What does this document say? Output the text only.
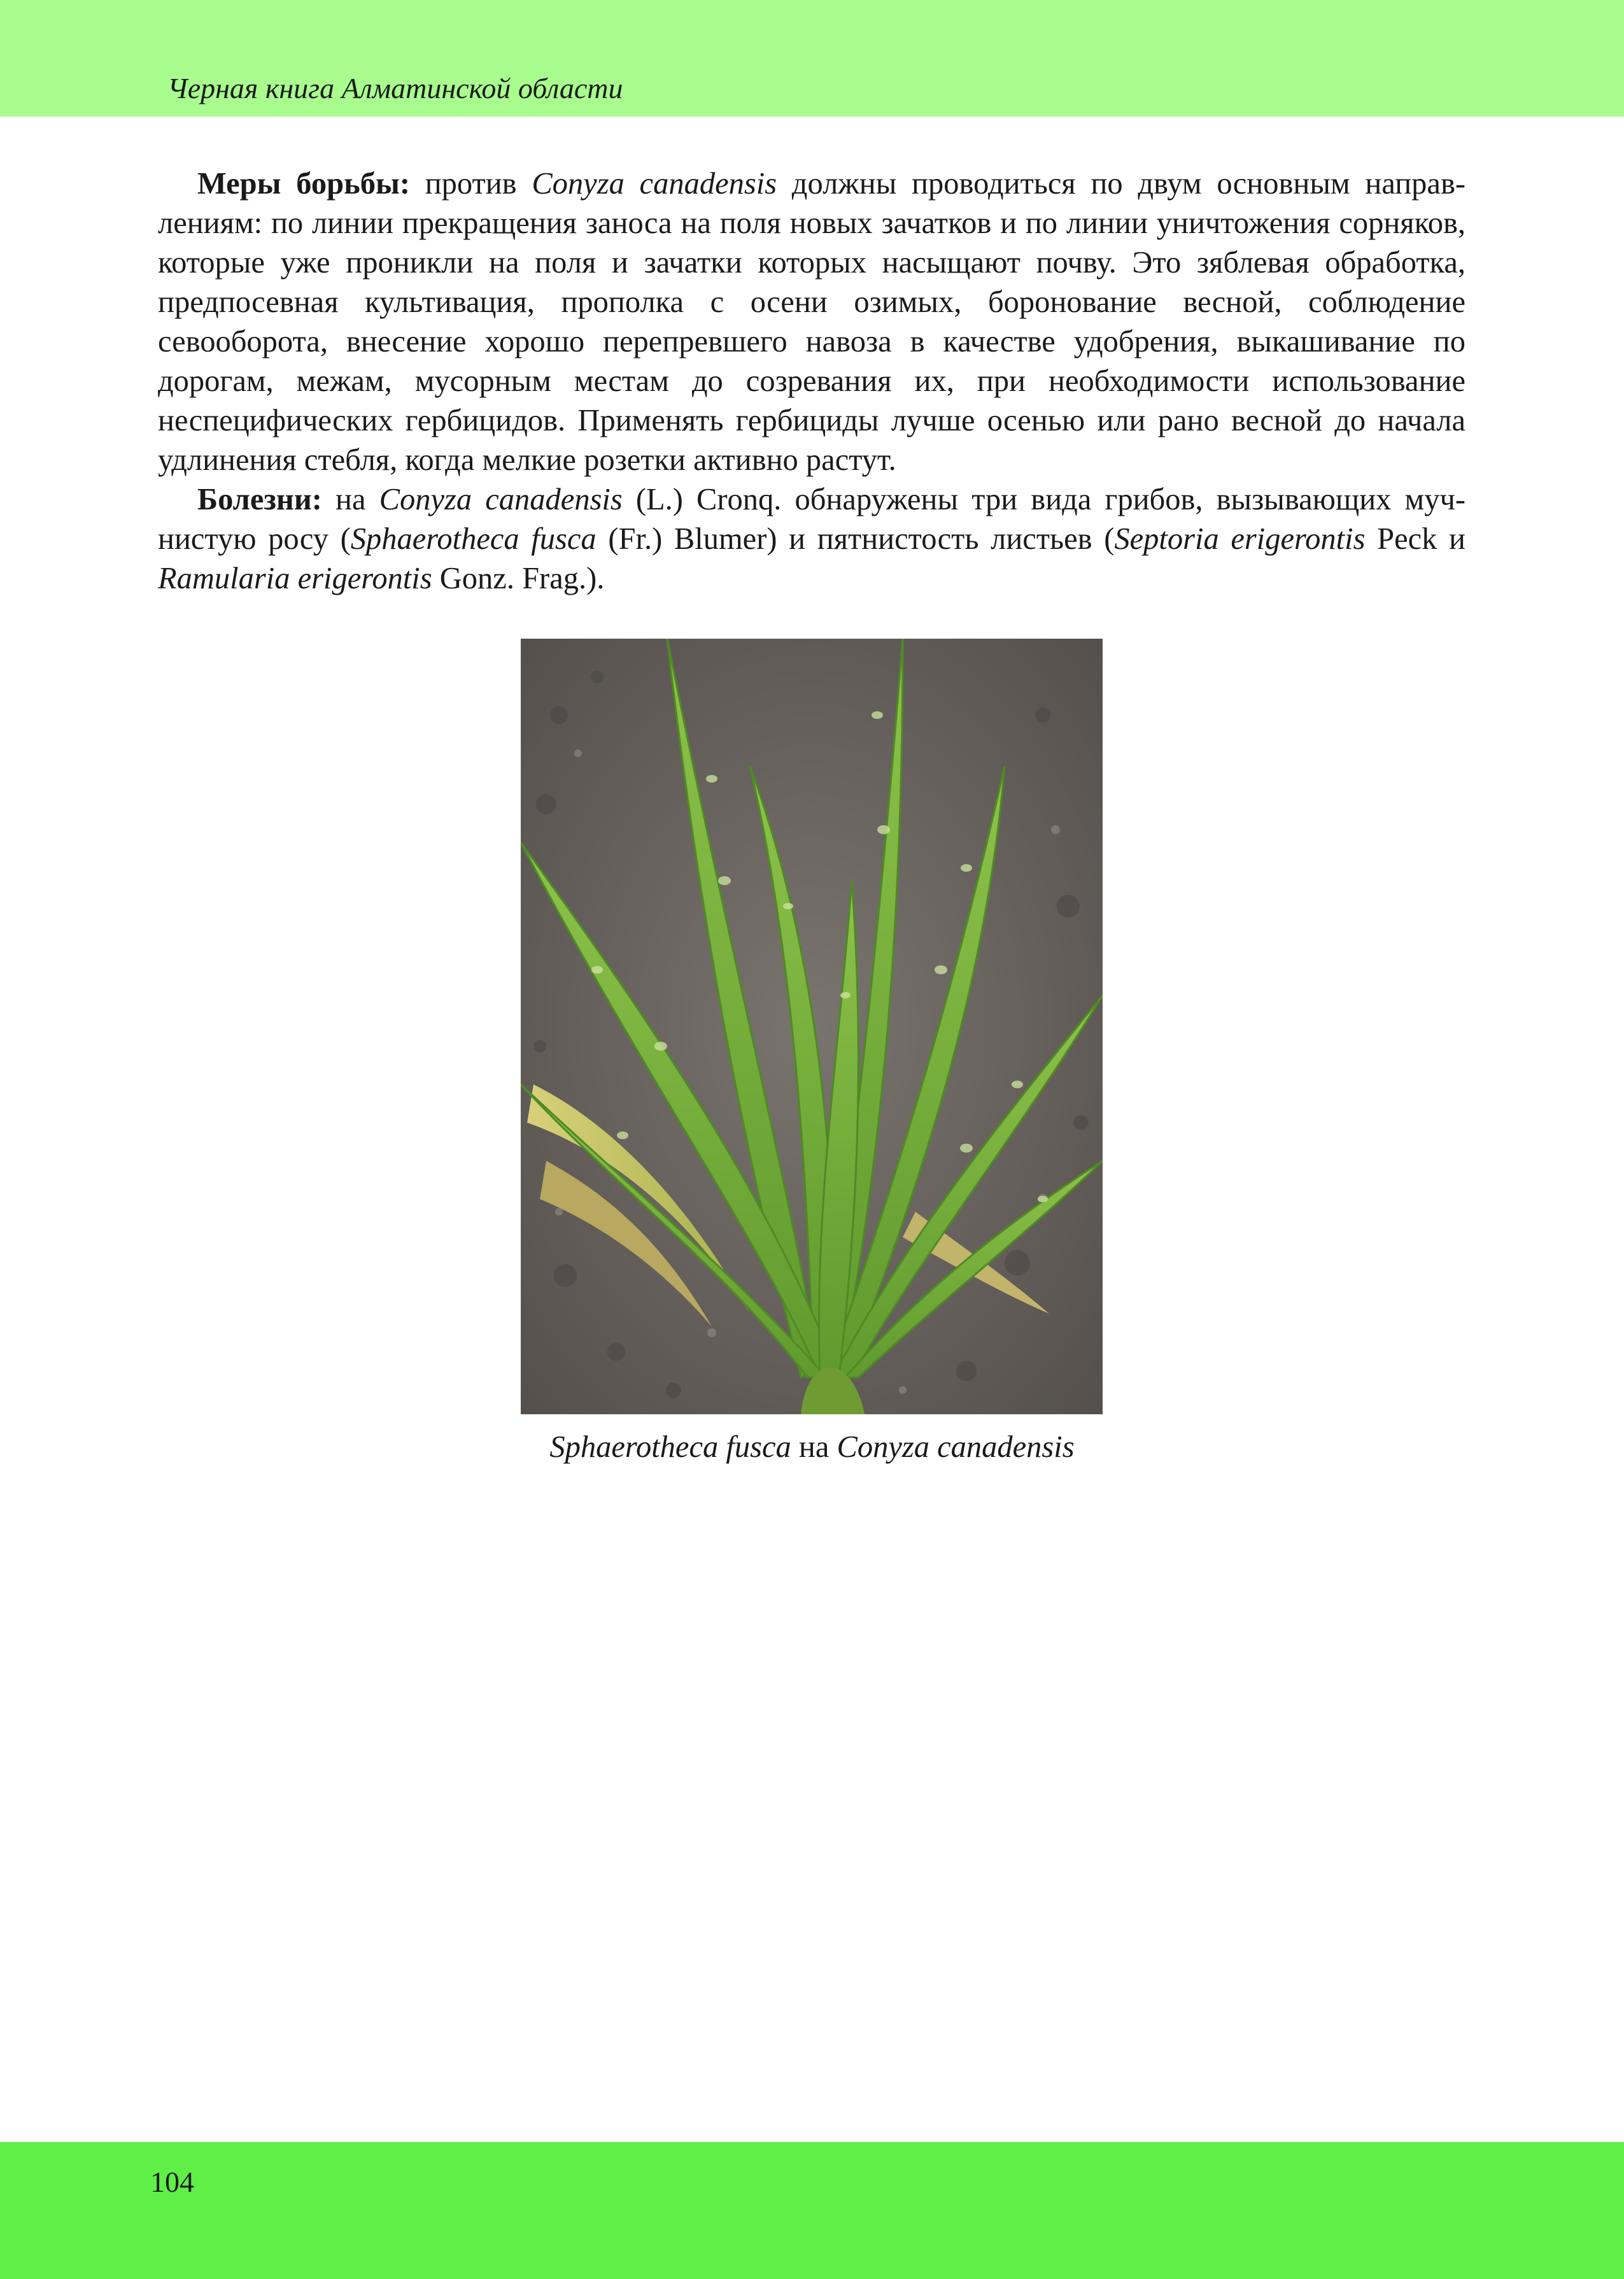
Черная книга Алматинской области

Меры борьбы: против Conyza canadensis должны проводиться по двум основным направлениям: по линии прекращения заноса на поля новых зачатков и по линии уничтожения сорняков, которые уже проникли на поля и зачатки которых насыщают почву. Это зяблевая обработка, предпосевная культивация, прополка с осени озимых, боронование весной, соблюдение севооборота, внесение хорошо перепревшего навоза в качестве удобрения, выкашивание по дорогам, межам, мусорным местам до созревания их, при необходимости использование неспецифических гербицидов. Применять гербициды лучше осенью или рано весной до начала удлинения стебля, когда мелкие розетки активно растут.

Болезни: на Conyza canadensis (L.) Cronq. обнаружены три вида грибов, вызывающих мучнистую росу (Sphaerotheca fusca (Fr.) Blumer) и пятнистость листьев (Septoria erigerontis Peck и Ramularia erigerontis Gonz. Frag.).

Sphaerotheca fusca на Conyza canadensis
104
